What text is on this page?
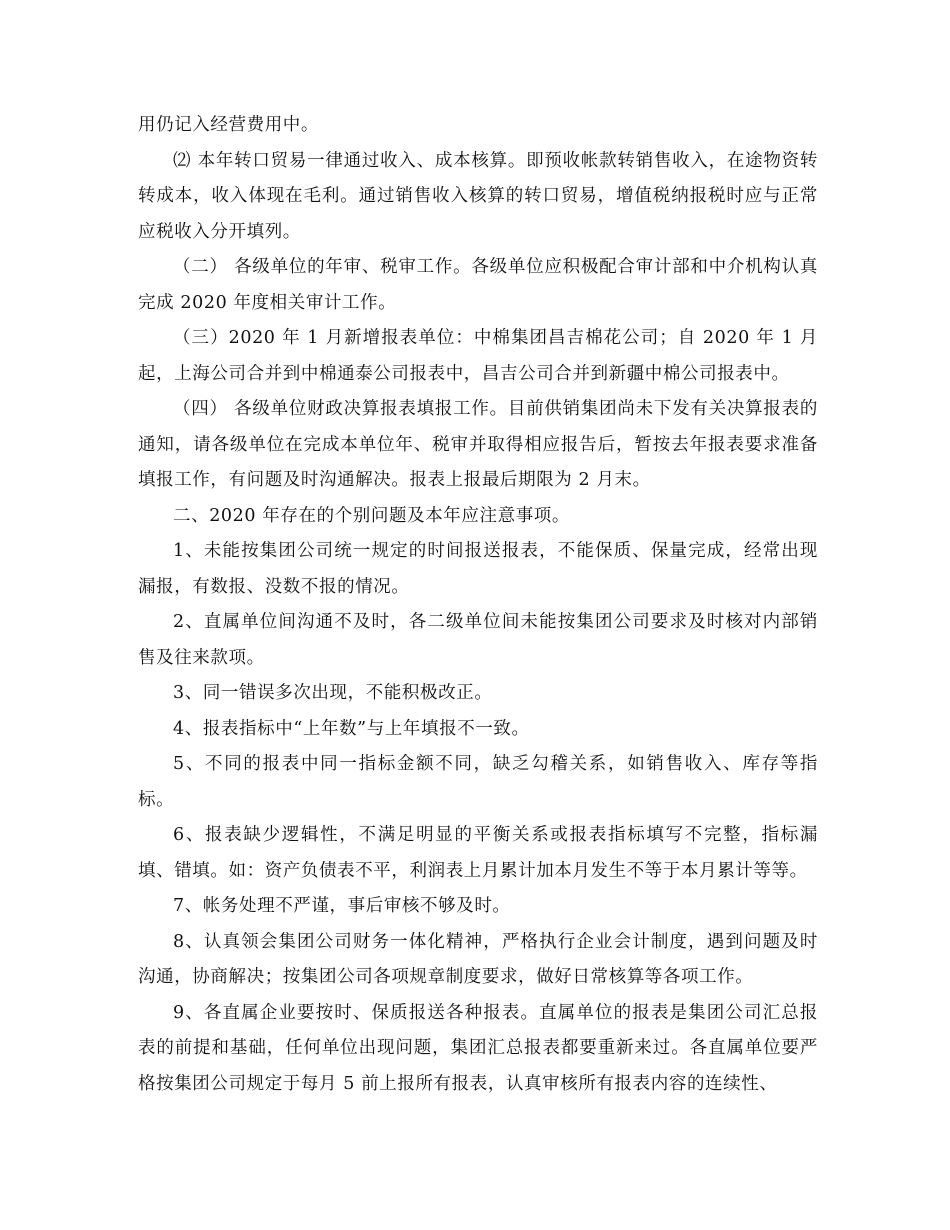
用仍记入经营费用中。

⑵ 本年转口贸易一律通过收入、成本核算。即预收帐款转销售收入，在途物资转转成本，收入体现在毛利。通过销售收入核算的转口贸易，增值税纳报税时应与正常应税收入分开填列。

（二） 各级单位的年审、税审工作。各级单位应积极配合审计部和中介机构认真完成 2020 年度相关审计工作。

（三）2020 年 1 月新增报表单位：中棉集团昌吉棉花公司；自 2020 年 1 月起，上海公司合并到中棉通泰公司报表中，昌吉公司合并到新疆中棉公司报表中。

（四） 各级单位财政决算报表填报工作。目前供销集团尚未下发有关决算报表的通知，请各级单位在完成本单位年、税审并取得相应报告后，暂按去年报表要求准备填报工作，有问题及时沟通解决。报表上报最后期限为 2 月末。

二、2020 年存在的个别问题及本年应注意事项。

1、未能按集团公司统一规定的时间报送报表，不能保质、保量完成，经常出现漏报，有数报、没数不报的情况。

2、直属单位间沟通不及时，各二级单位间未能按集团公司要求及时核对内部销售及往来款项。

3、同一错误多次出现，不能积极改正。

4、报表指标中“上年数”与上年填报不一致。

5、不同的报表中同一指标金额不同，缺乏勾稽关系，如销售收入、库存等指标。

6、报表缺少逻辑性，不满足明显的平衡关系或报表指标填写不完整，指标漏填、错填。如：资产负债表不平，利润表上月累计加本月发生不等于本月累计等等。

7、帐务处理不严谨，事后审核不够及时。

8、认真领会集团公司财务一体化精神，严格执行企业会计制度，遇到问题及时沟通，协商解决；按集团公司各项规章制度要求，做好日常核算等各项工作。

9、各直属企业要按时、保质报送各种报表。直属单位的报表是集团公司汇总报表的前提和基础，任何单位出现问题，集团汇总报表都要重新来过。各直属单位要严格按集团公司规定于每月 5 前上报所有报表，认真审核所有报表内容的连续性、
